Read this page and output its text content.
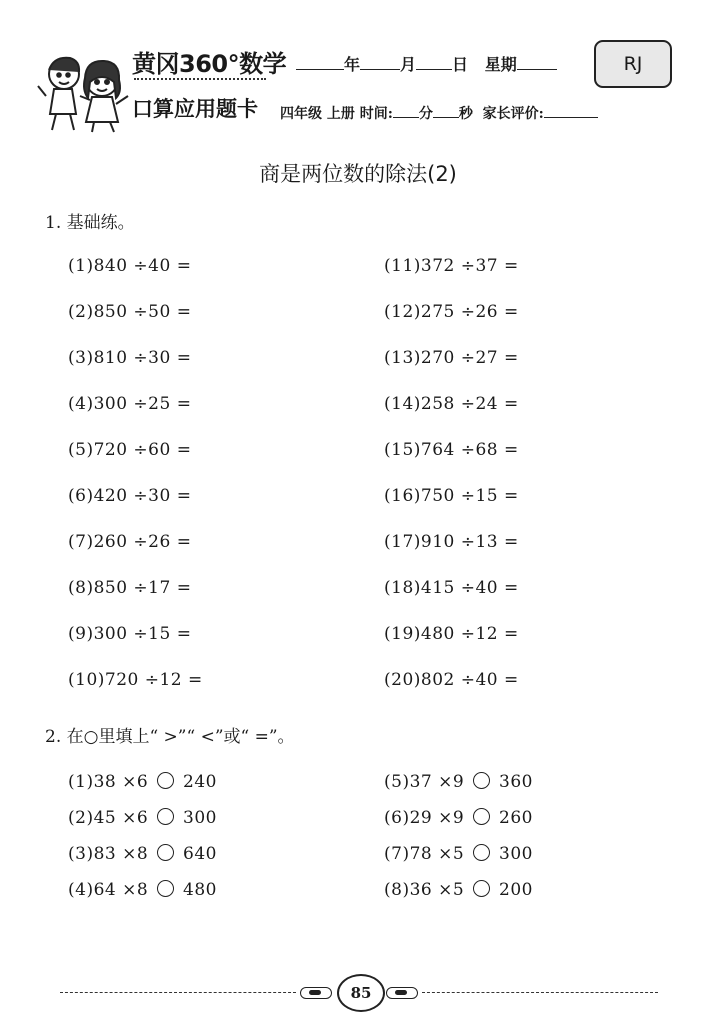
黄冈360°数学
口算应用题卡
年	月 日 星期
四年级 上册 时间: 分 秒 家长评价:
RJ
商是两位数的除法(2)
1. 基础练。
(1)840 ÷40 =
(2)850 ÷50 =
(3)810 ÷30 =
(4)300 ÷25 =
(5)720 ÷60 =
(6)420 ÷30 =
(7)260 ÷26 =
(8)850 ÷17 =
(9)300 ÷15 =
(10)720 ÷12 =
(11)372 ÷37 =
(12)275 ÷26 =
(13)270 ÷27 =
(14)258 ÷24 =
(15)764 ÷68 =
(16)750 ÷15 =
(17)910 ÷13 =
(18)415 ÷40 =
(19)480 ÷12 =
(20)802 ÷40 =
2. 在○里填上“ >”“ <”或“ =”。
(1)38 ×6 240
(2)45 ×6 300
(3)83 ×8 640
(4)64 ×8 480
(5)37 ×9 360
(6)29 ×9 260
(7)78 ×5 300
(8)36 ×5 200
85
